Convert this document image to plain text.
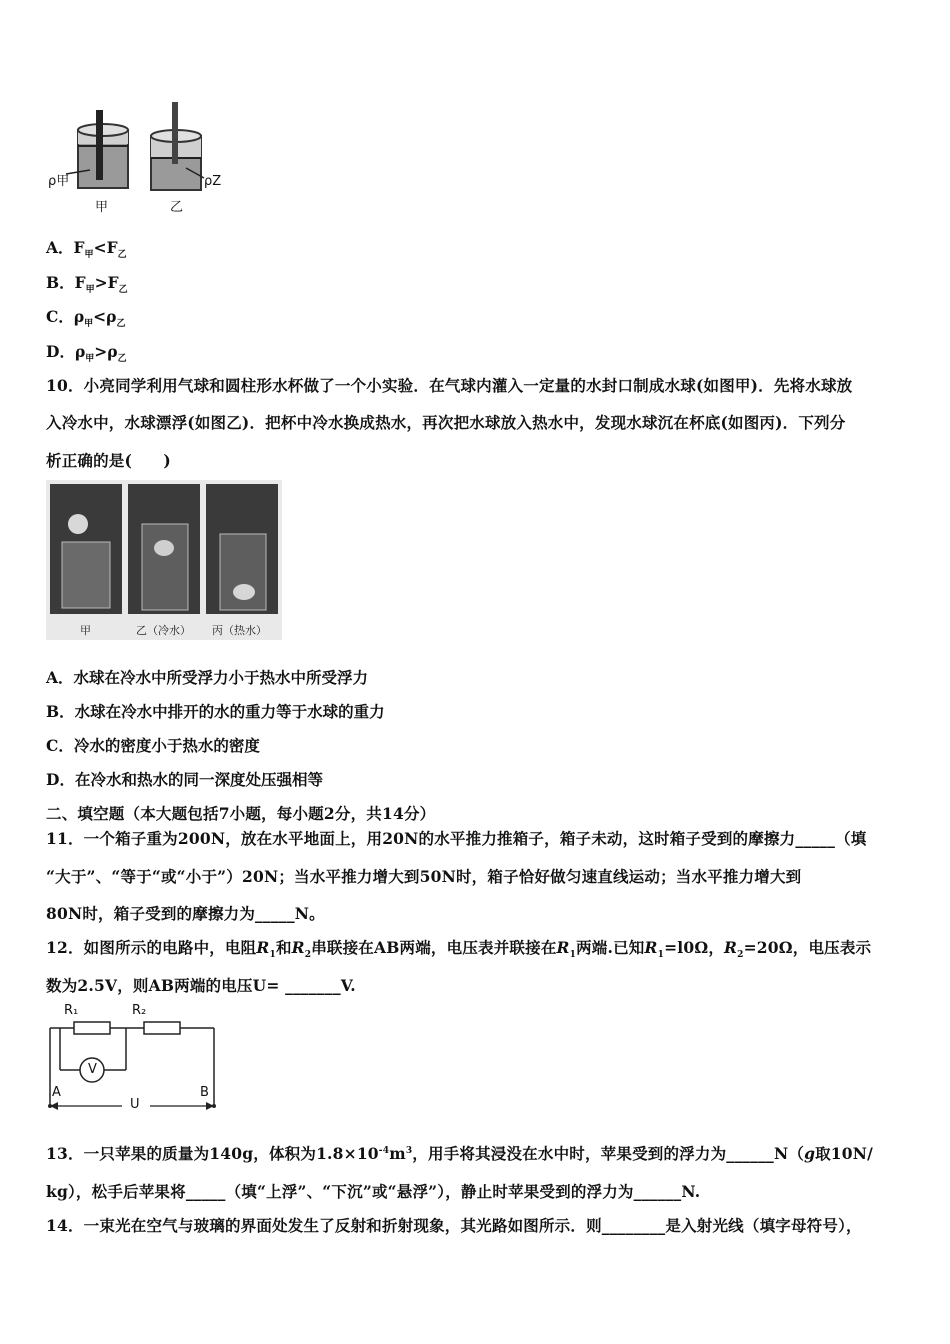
ρ甲	ρZ
甲	乙
A．$F_甲<F_乙$
B．$F_甲>F_乙$
C．$\rho_甲<\rho_乙$
D．$\rho_甲>\rho_乙$
10．小亮同学利用气球和圆柱形水杯做了一个小实验．在气球内灌入一定量的水封口制成水球(如图甲)．先将水球放
入冷水中，水球漂浮(如图乙)．把杯中冷水换成热水，再次把水球放入热水中，发现水球沉在杯底(如图丙)．下列分
析正确的是(　　)
甲	乙（冷水） 丙（热水）
A．水球在冷水中所受浮力小于热水中所受浮力
B．水球在冷水中排开的水的重力等于水球的重力
C．冷水的密度小于热水的密度
D．在冷水和热水的同一深度处压强相等
二、填空题（本大题包括7小题，每小题2分，共14分）
11．一个箱子重为200N，放在水平地面上，用20N的水平推力推箱子，箱子未动，这时箱子受到的摩擦力_____（填
“大于”、“等于“或“小于”）20N；当水平推力增大到50N时，箱子恰好做匀速直线运动；当水平推力增大到
80N时，箱子受到的摩擦力为_____N。
12．如图所示的电路中，电阻$R_1$和$R_2$串联接在AB两端，电压表并联接在$R_1$两端.已知$R_1=l0\Omega$，$R_2=20\Omega$，电压表示
数为2.5V，则AB两端的电压U= _______V.
R₁	R₂
V
A	B
U
13．一只苹果的质量为140g，体积为$1.8\times 10^{-4}m^3$，用手将其浸没在水中时，苹果受到的浮力为______N（g取10N/
kg），松手后苹果将_____（填“上浮”、“下沉”或“悬浮”），静止时苹果受到的浮力为______N.
14．一束光在空气与玻璃的界面处发生了反射和折射现象，其光路如图所示．则________是入射光线（填字母符号），
